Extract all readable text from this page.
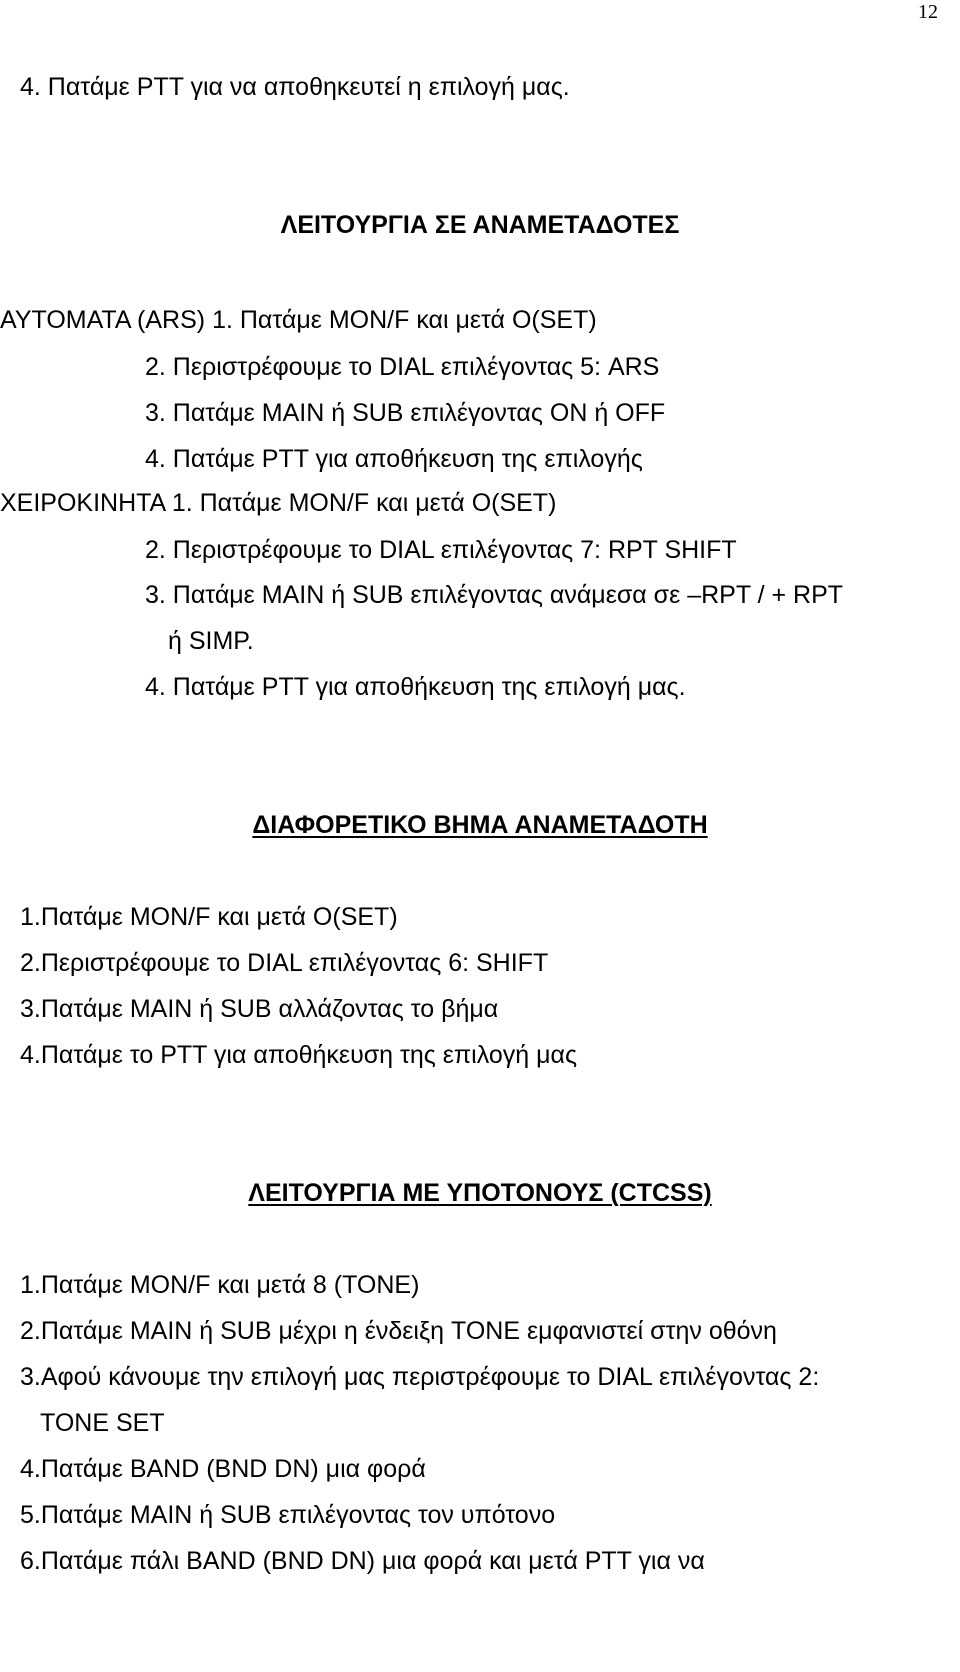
12
4. Πατάμε PTT για να αποθηκευτεί η επιλογή μας.
ΛΕΙΤΟΥΡΓΙΑ ΣΕ ΑΝΑΜΕΤΑΔΟΤΕΣ
ΑΥΤΟΜΑΤΑ (ARS) 1. Πατάμε MON/F και μετά O(SET)
2. Περιστρέφουμε το DIAL επιλέγοντας 5: ARS
3. Πατάμε MAIN ή SUB επιλέγοντας ON ή OFF
4. Πατάμε PTT για αποθήκευση της επιλογής
ΧΕΙΡΟΚΙΝΗΤΑ 1. Πατάμε MON/F και μετά O(SET)
2. Περιστρέφουμε το DIAL επιλέγοντας 7: RPT SHIFT
3. Πατάμε MAIN ή SUB επιλέγοντας ανάμεσα σε –RPT / + RPT
ή SIMP.
4. Πατάμε PTT για αποθήκευση της επιλογή μας.
ΔΙΑΦΟΡΕΤΙΚΟ ΒΗΜΑ ΑΝΑΜΕΤΑΔΟΤΗ
1.Πατάμε MON/F και μετά O(SET)
2.Περιστρέφουμε το DIAL επιλέγοντας 6: SHIFT
3.Πατάμε MAIN ή SUB αλλάζοντας το βήμα
4.Πατάμε το PTT για αποθήκευση της επιλογή μας
ΛΕΙΤΟΥΡΓΙΑ ΜΕ ΥΠΟΤΟΝΟΥΣ (CTCSS)
1.Πατάμε MON/F και μετά 8 (TONE)
2.Πατάμε MAIN ή SUB μέχρι η ένδειξη TONE εμφανιστεί στην οθόνη
3.Αφού κάνουμε την επιλογή μας περιστρέφουμε το DIAL επιλέγοντας 2:
TONE SET
4.Πατάμε BAND (BND DN) μια φορά
5.Πατάμε MAIN ή SUB επιλέγοντας τον υπότονο
6.Πατάμε πάλι BAND (BND DN) μια φορά και μετά PTT για να
